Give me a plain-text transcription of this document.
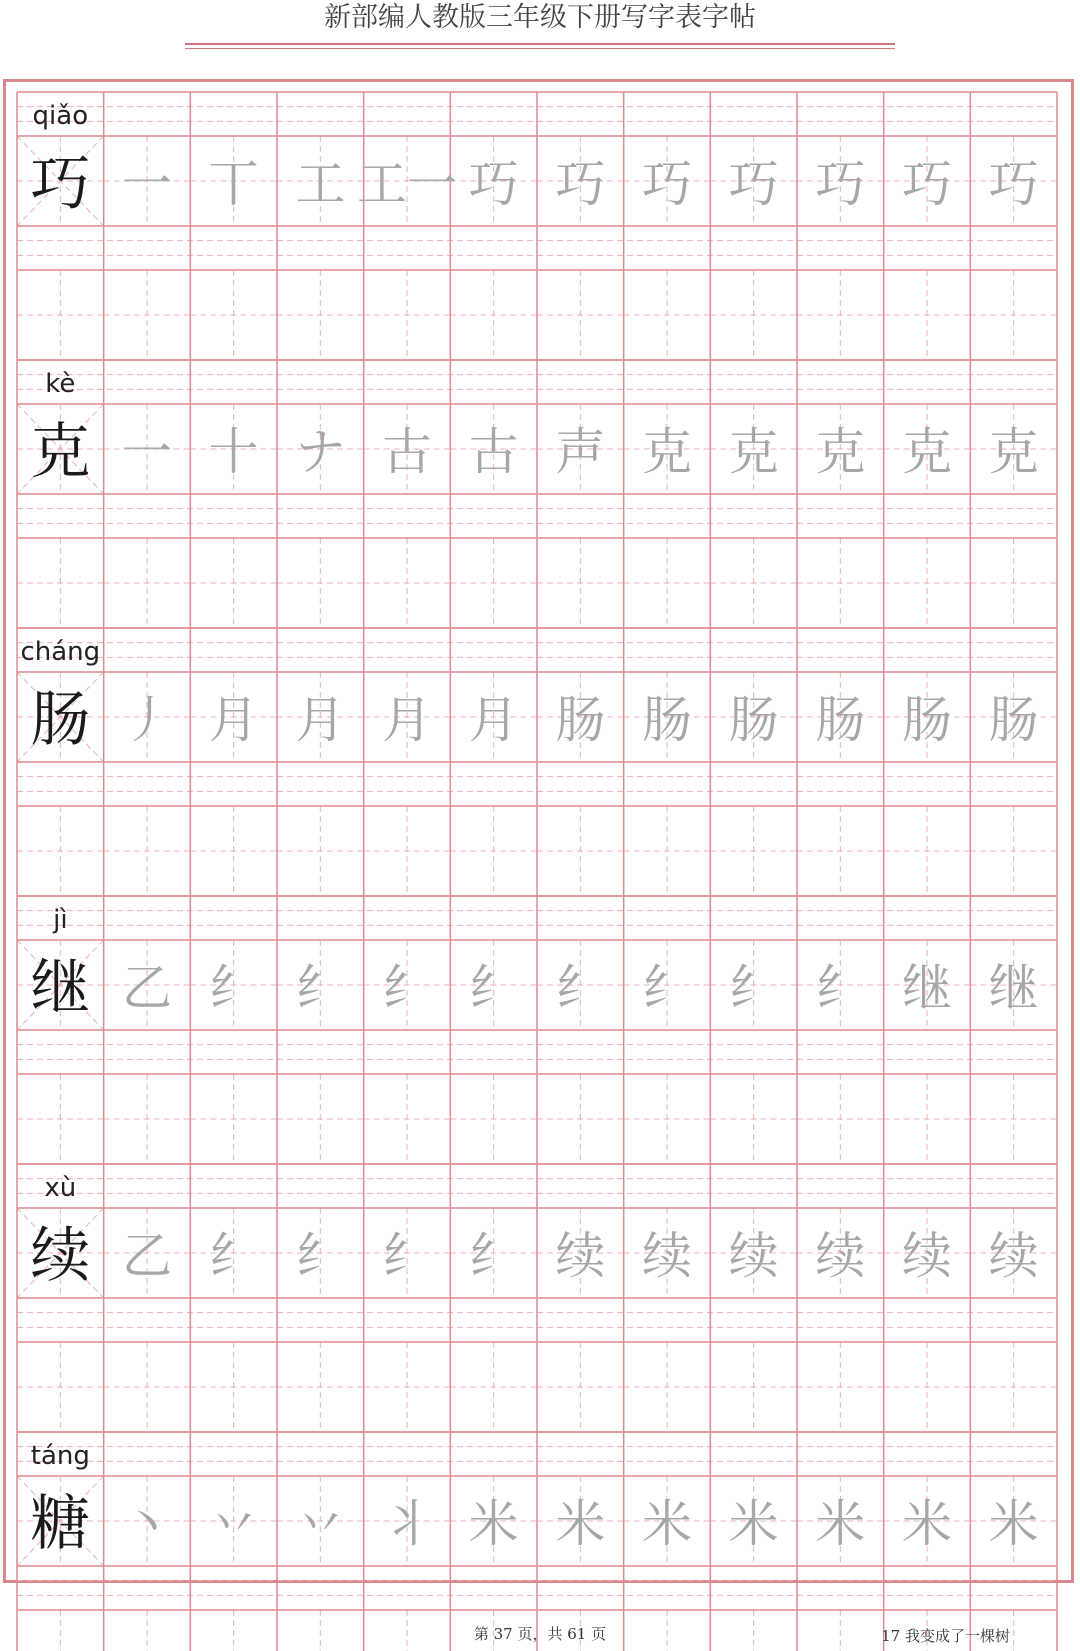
新部编人教版三年级下册写字表字帖
qiǎo
巧 一 丅 工 工一 巧 巧 巧 巧 巧 巧 巧
kè
克 一 十 ナ 古 古 声 克 克 克 克 克
cháng
肠 丿 月 月 月 月 肠 肠 肠 肠 肠 肠
jì
继 乙 纟 纟 纟 纟 纟 纟 纟 纟 继 继
xù
续 乙 纟 纟 纟 纟 续 续 续 续 续 续
táng
糖 丶 丷 丷 丬 米 米 米 米 米 米 米
第 37 页，共 61 页	17 我变成了一棵树
